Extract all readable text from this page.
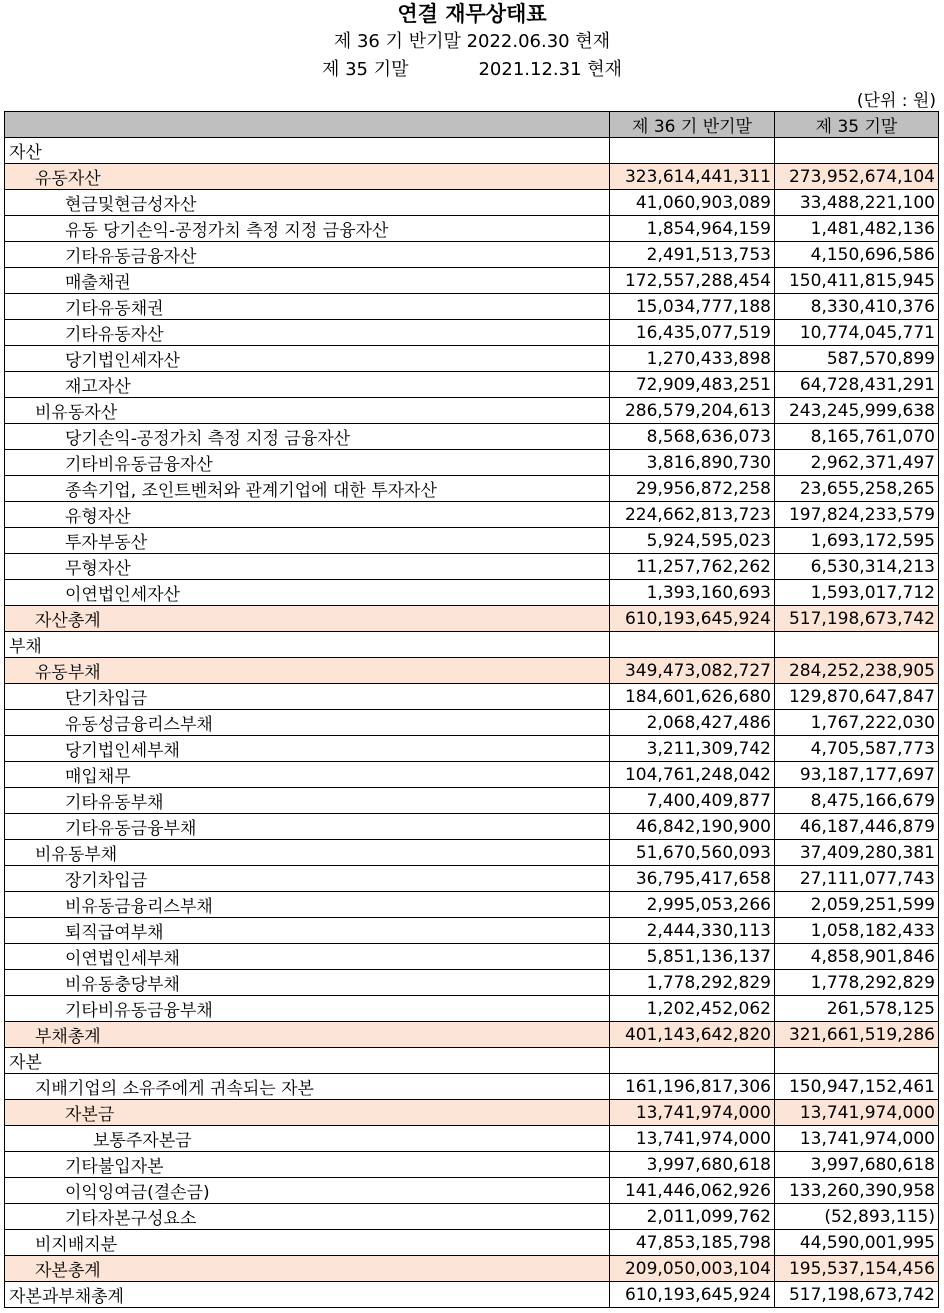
연결 재무상태표
제 36 기 반기말 2022.06.30 현재
제 35 기말	2021.12.31 현재
(단위 : 원)
	제 36 기 반기말	제 35 기말
자산		
유동자산	323,614,441,311	273,952,674,104
현금및현금성자산	41,060,903,089	33,488,221,100
유동 당기손익-공정가치 측정 지정 금융자산	1,854,964,159	1,481,482,136
기타유동금융자산	2,491,513,753	4,150,696,586
매출채권	172,557,288,454	150,411,815,945
기타유동채권	15,034,777,188	8,330,410,376
기타유동자산	16,435,077,519	10,774,045,771
당기법인세자산	1,270,433,898	587,570,899
재고자산	72,909,483,251	64,728,431,291
비유동자산	286,579,204,613	243,245,999,638
당기손익-공정가치 측정 지정 금융자산	8,568,636,073	8,165,761,070
기타비유동금융자산	3,816,890,730	2,962,371,497
종속기업, 조인트벤처와 관계기업에 대한 투자자산	29,956,872,258	23,655,258,265
유형자산	224,662,813,723	197,824,233,579
투자부동산	5,924,595,023	1,693,172,595
무형자산	11,257,762,262	6,530,314,213
이연법인세자산	1,393,160,693	1,593,017,712
자산총계	610,193,645,924	517,198,673,742
부채		
유동부채	349,473,082,727	284,252,238,905
단기차입금	184,601,626,680	129,870,647,847
유동성금융리스부채	2,068,427,486	1,767,222,030
당기법인세부채	3,211,309,742	4,705,587,773
매입채무	104,761,248,042	93,187,177,697
기타유동부채	7,400,409,877	8,475,166,679
기타유동금융부채	46,842,190,900	46,187,446,879
비유동부채	51,670,560,093	37,409,280,381
장기차입금	36,795,417,658	27,111,077,743
비유동금융리스부채	2,995,053,266	2,059,251,599
퇴직급여부채	2,444,330,113	1,058,182,433
이연법인세부채	5,851,136,137	4,858,901,846
비유동충당부채	1,778,292,829	1,778,292,829
기타비유동금융부채	1,202,452,062	261,578,125
부채총계	401,143,642,820	321,661,519,286
자본		
지배기업의 소유주에게 귀속되는 자본	161,196,817,306	150,947,152,461
자본금	13,741,974,000	13,741,974,000
보통주자본금	13,741,974,000	13,741,974,000
기타불입자본	3,997,680,618	3,997,680,618
이익잉여금(결손금)	141,446,062,926	133,260,390,958
기타자본구성요소	2,011,099,762	(52,893,115)
비지배지분	47,853,185,798	44,590,001,995
자본총계	209,050,003,104	195,537,154,456
자본과부채총계	610,193,645,924	517,198,673,742
